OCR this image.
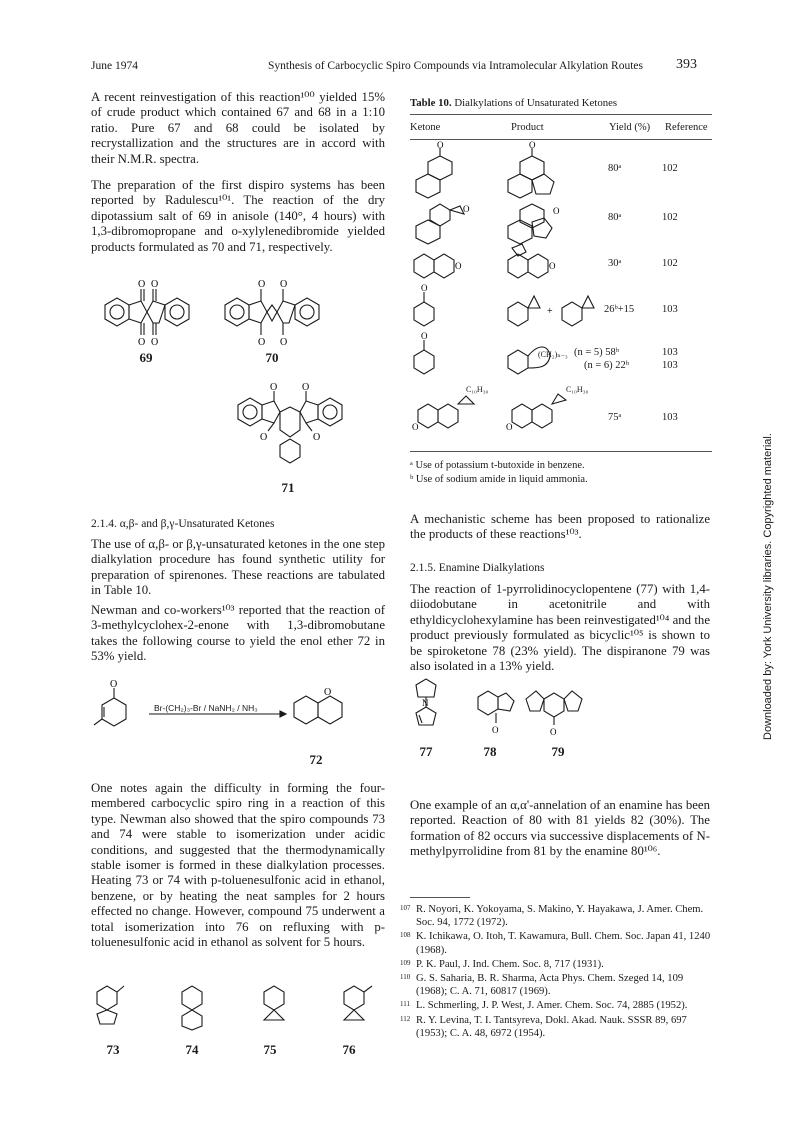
June 1974	Synthesis of Carbocyclic Spiro Compounds via Intramolecular Alkylation Routes 393
Downloaded by: York University libraries. Copyrighted material.
A recent reinvestigation of this reaction¹⁰⁰ yielded 15% of crude product which contained 67 and 68 in a 1:10 ratio. Pure 67 and 68 could be isolated by recrystallization and the structures are in accord with their N.M.R. spectra.
The preparation of the first dispiro systems has been reported by Radulescu¹⁰¹. The reaction of the dry dipotassium salt of 69 in anisole (140°, 4 hours) with 1,3-dibromopropane and o-xylylenedibromide yielded products formulated as 70 and 71, respectively.
O O
O O
O O
O O
69	70
O O
O	O
71
2.1.4. α,β- and β,γ-Unsaturated Ketones
The use of α,β- or β,γ-unsaturated ketones in the one step dialkylation procedure has found synthetic utility for preparation of spirenones. These reactions are tabulated in Table 10.
Newman and co-workers¹⁰³ reported that the reaction of 3-methylcyclohex-2-enone with 1,3-dibromobutane takes the following course to yield the enol ether 72 in 53% yield.
O
O
Br-(CH₂)₃-Br / NaNH₂ / NH₃
72
One notes again the difficulty in forming the four-membered carbocyclic spiro ring in a reaction of this type. Newman also showed that the spiro compounds 73 and 74 were stable to isomerization under acidic conditions, and suggested that the thermodynamically stable isomer is formed in these dialkylation processes. Heating 73 or 74 with p-toluenesulfonic acid in ethanol, benzene, or by heating the neat samples for 2 hours effected no change. However, compound 75 underwent a total isomerization into 76 on refluxing with p-toluenesulfonic acid in ethanol as solvent for 5 hours.
73	74	75	76
Table 10. Dialkylations of Unsaturated Ketones
Ketone	Product	Yield (%) Reference
O	O
O	O
O	O
O
+
O
O	O
(CH₂)ₙ₋₃
C₁₀H₃₀	C₁₀H₃₀
80ᵃ	102
80ᵃ	102
30ᵃ	102
26ᵇ+15	103
(n = 5) 58ᵇ	103
(n = 6) 22ᵇ	103
75ᵃ	103
ᵃ Use of potassium t-butoxide in benzene.
ᵇ Use of sodium amide in liquid ammonia.
A mechanistic scheme has been proposed to rationalize the products of these reactions¹⁰³.
2.1.5. Enamine Dialkylations
The reaction of 1-pyrrolidinocyclopentene (77) with 1,4-diiodobutane in acetonitrile and with ethyldicyclohexylamine has been reinvestigated¹⁰⁴ and the product previously formulated as bicyclic¹⁰⁵ is shown to be spiroketone 78 (23% yield). The dispiranone 79 was also isolated in a 13% yield.
N
O	O
77	78	79
One example of an α,α'-annelation of an enamine has been reported. Reaction of 80 with 81 yields 82 (30%). The formation of 82 occurs via successive displacements of N-methylpyrrolidine from 81 by the enamine 80¹⁰⁶.
107 R. Noyori, K. Yokoyama, S. Makino, Y. Hayakawa, J. Amer. Chem. Soc. 94, 1772 (1972).
108 K. Ichikawa, O. Itoh, T. Kawamura, Bull. Chem. Soc. Japan 41, 1240 (1968).
109 P. K. Paul, J. Ind. Chem. Soc. 8, 717 (1931).
110 G. S. Saharia, B. R. Sharma, Acta Phys. Chem. Szeged 14, 109 (1968); C. A. 71, 60817 (1969).
111 L. Schmerling, J. P. West, J. Amer. Chem. Soc. 74, 2885 (1952).
112 R. Y. Levina, T. I. Tantsyreva, Dokl. Akad. Nauk. SSSR 89, 697 (1953); C. A. 48, 6972 (1954).
